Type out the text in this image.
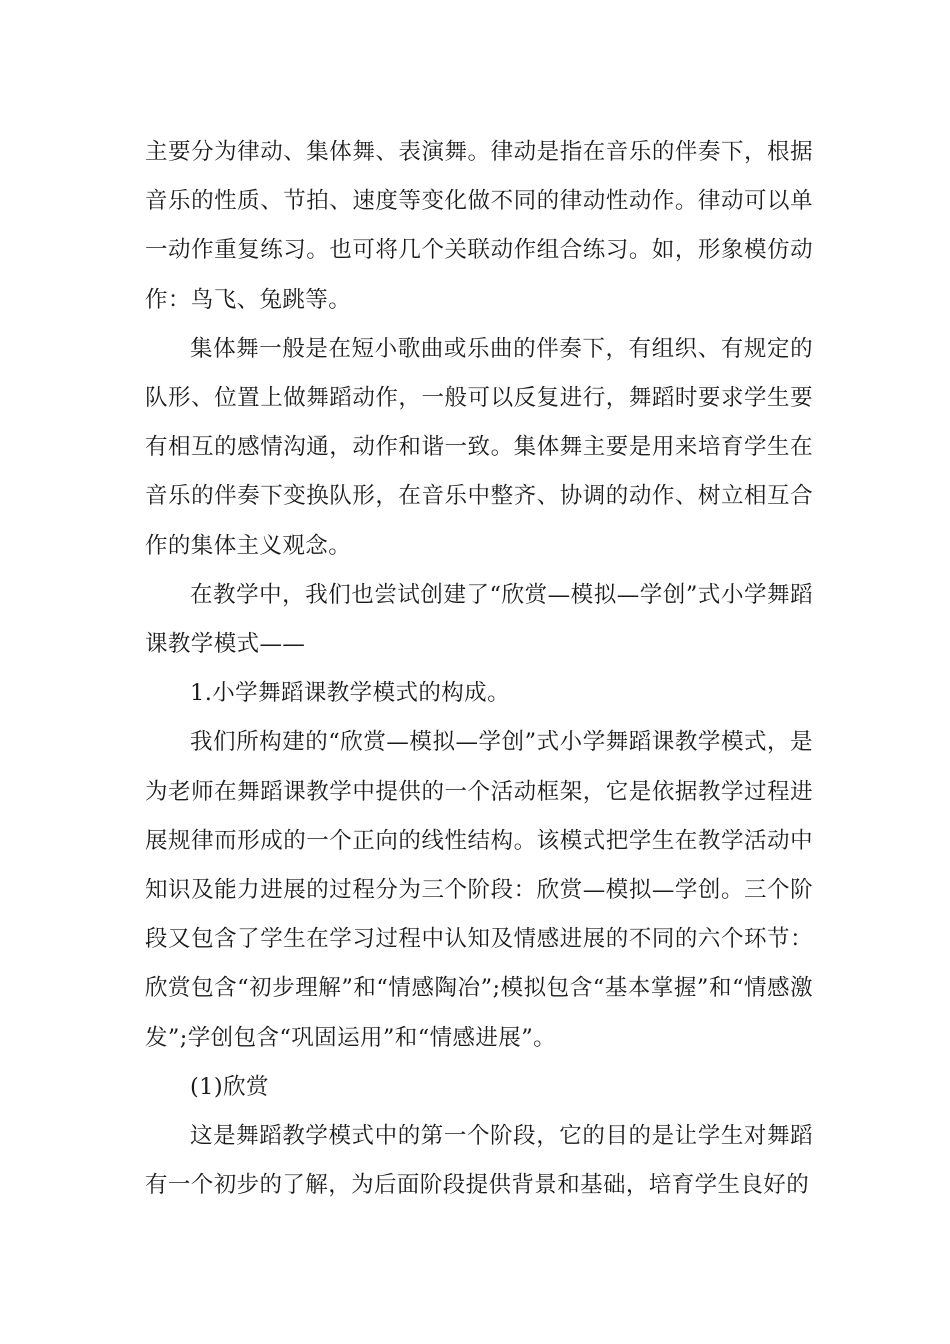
主要分为律动、集体舞、表演舞。律动是指在音乐的伴奏下，根据音乐的性质、节拍、速度等变化做不同的律动性动作。律动可以单一动作重复练习。也可将几个关联动作组合练习。如，形象模仿动作：鸟飞、兔跳等。

集体舞一般是在短小歌曲或乐曲的伴奏下，有组织、有规定的队形、位置上做舞蹈动作，一般可以反复进行，舞蹈时要求学生要有相互的感情沟通，动作和谐一致。集体舞主要是用来培育学生在音乐的伴奏下变换队形，在音乐中整齐、协调的动作、树立相互合作的集体主义观念。

在教学中，我们也尝试创建了“欣赏—模拟—学创”式小学舞蹈课教学模式——

1.小学舞蹈课教学模式的构成。

我们所构建的“欣赏—模拟—学创”式小学舞蹈课教学模式，是为老师在舞蹈课教学中提供的一个活动框架，它是依据教学过程进展规律而形成的一个正向的线性结构。该模式把学生在教学活动中知识及能力进展的过程分为三个阶段：欣赏—模拟—学创。三个阶段又包含了学生在学习过程中认知及情感进展的不同的六个环节：欣赏包含“初步理解”和“情感陶冶”;模拟包含“基本掌握”和“情感激发”;学创包含“巩固运用”和“情感进展”。

(1)欣赏

这是舞蹈教学模式中的第一个阶段，它的目的是让学生对舞蹈有一个初步的了解，为后面阶段提供背景和基础，培育学生良好的
